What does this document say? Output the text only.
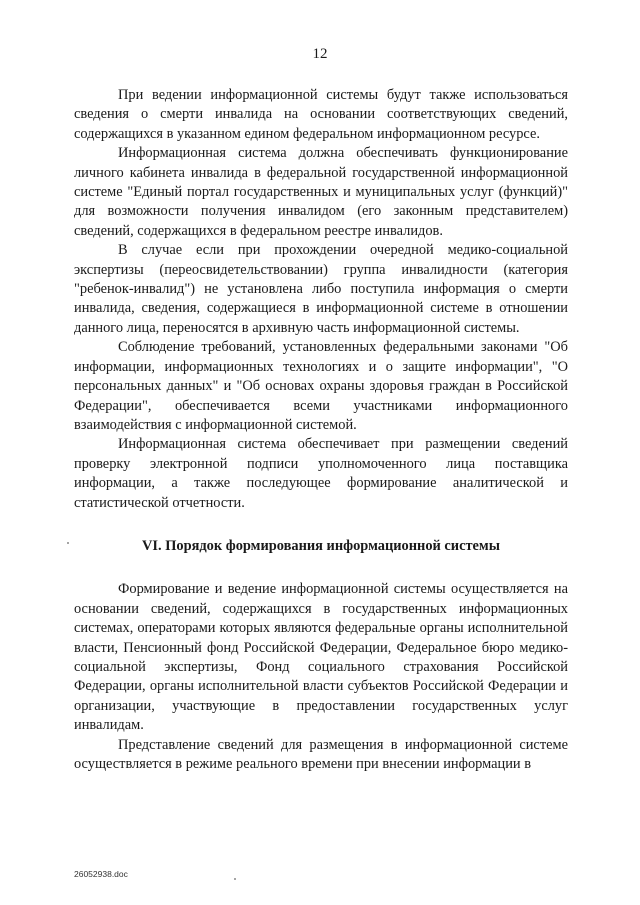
12

При ведении информационной системы будут также использоваться сведения о смерти инвалида на основании соответствующих сведений, содержащихся в указанном едином федеральном информационном ресурсе.

Информационная система должна обеспечивать функционирование личного кабинета инвалида в федеральной государственной информационной системе "Единый портал государственных и муниципальных услуг (функций)" для возможности получения инвалидом (его законным представителем) сведений, содержащихся в федеральном реестре инвалидов.

В случае если при прохождении очередной медико-социальной экспертизы (переосвидетельствовании) группа инвалидности (категория "ребенок-инвалид") не установлена либо поступила информация о смерти инвалида, сведения, содержащиеся в информационной системе в отношении данного лица, переносятся в архивную часть информационной системы.

Соблюдение требований, установленных федеральными законами "Об информации, информационных технологиях и о защите информации", "О персональных данных" и "Об основах охраны здоровья граждан в Российской Федерации", обеспечивается всеми участниками информационного взаимодействия с информационной системой.

Информационная система обеспечивает при размещении сведений проверку электронной подписи уполномоченного лица поставщика информации, а также последующее формирование аналитической и статистической отчетности.

VI. Порядок формирования информационной системы

Формирование и ведение информационной системы осуществляется на основании сведений, содержащихся в государственных информационных системах, операторами которых являются федеральные органы исполнительной власти, Пенсионный фонд Российской Федерации, Федеральное бюро медико-социальной экспертизы, Фонд социального страхования Российской Федерации, органы исполнительной власти субъектов Российской Федерации и организации, участвующие в предоставлении государственных услуг инвалидам.

Представление сведений для размещения в информационной системе осуществляется в режиме реального времени при внесении информации в

26052938.doc
